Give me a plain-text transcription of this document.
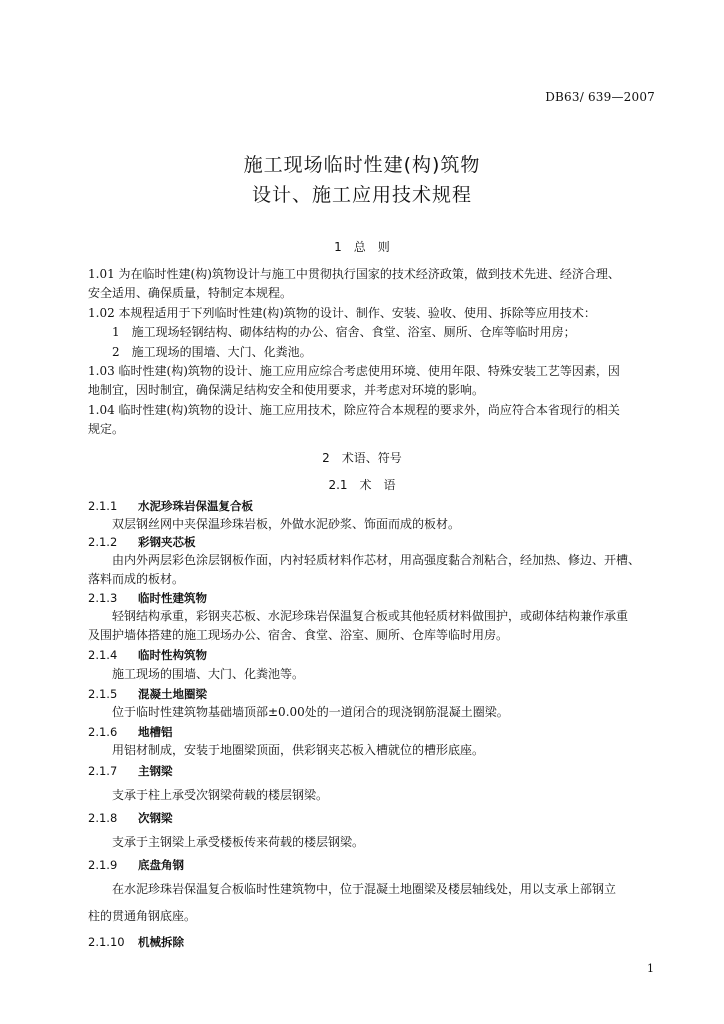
DB63/ 639—2007
施工现场临时性建(构)筑物
设计、施工应用技术规程
1　总　则
1.01 为在临时性建(构)筑物设计与施工中贯彻执行国家的技术经济政策，做到技术先进、经济合理、
安全适用、确保质量，特制定本规程。
1.02 本规程适用于下列临时性建(构)筑物的设计、制作、安装、验收、使用、拆除等应用技术：
1　施工现场轻钢结构、砌体结构的办公、宿舍、食堂、浴室、厕所、仓库等临时用房；
2　施工现场的围墙、大门、化粪池。
1.03 临时性建(构)筑物的设计、施工应用应综合考虑使用环境、使用年限、特殊安装工艺等因素，因
地制宜，因时制宜，确保满足结构安全和使用要求，并考虑对环境的影响。
1.04 临时性建(构)筑物的设计、施工应用技术，除应符合本规程的要求外，尚应符合本省现行的相关
规定。
2　术语、符号
2.1　术　语
2.1.1 水泥珍珠岩保温复合板
双层钢丝网中夹保温珍珠岩板，外做水泥砂浆、饰面而成的板材。
2.1.2 彩钢夹芯板
由内外两层彩色涂层钢板作面，内衬轻质材料作芯材，用高强度黏合剂粘合，经加热、修边、开槽、
落料而成的板材。
2.1.3 临时性建筑物
轻钢结构承重，彩钢夹芯板、水泥珍珠岩保温复合板或其他轻质材料做围护，或砌体结构兼作承重
及围护墙体搭建的施工现场办公、宿舍、食堂、浴室、厕所、仓库等临时用房。
2.1.4 临时性构筑物
施工现场的围墙、大门、化粪池等。
2.1.5 混凝土地圈梁
位于临时性建筑物基础墙顶部±0.00处的一道闭合的现浇钢筋混凝土圈梁。
2.1.6 地槽铝
用铝材制成，安装于地圈梁顶面，供彩钢夹芯板入槽就位的槽形底座。
2.1.7 主钢梁
支承于柱上承受次钢梁荷载的楼层钢梁。
2.1.8 次钢梁
支承于主钢梁上承受楼板传来荷载的楼层钢梁。
2.1.9 底盘角钢
在水泥珍珠岩保温复合板临时性建筑物中，位于混凝土地圈梁及楼层轴线处，用以支承上部钢立
柱的贯通角钢底座。
2.1.10 机械拆除
1
